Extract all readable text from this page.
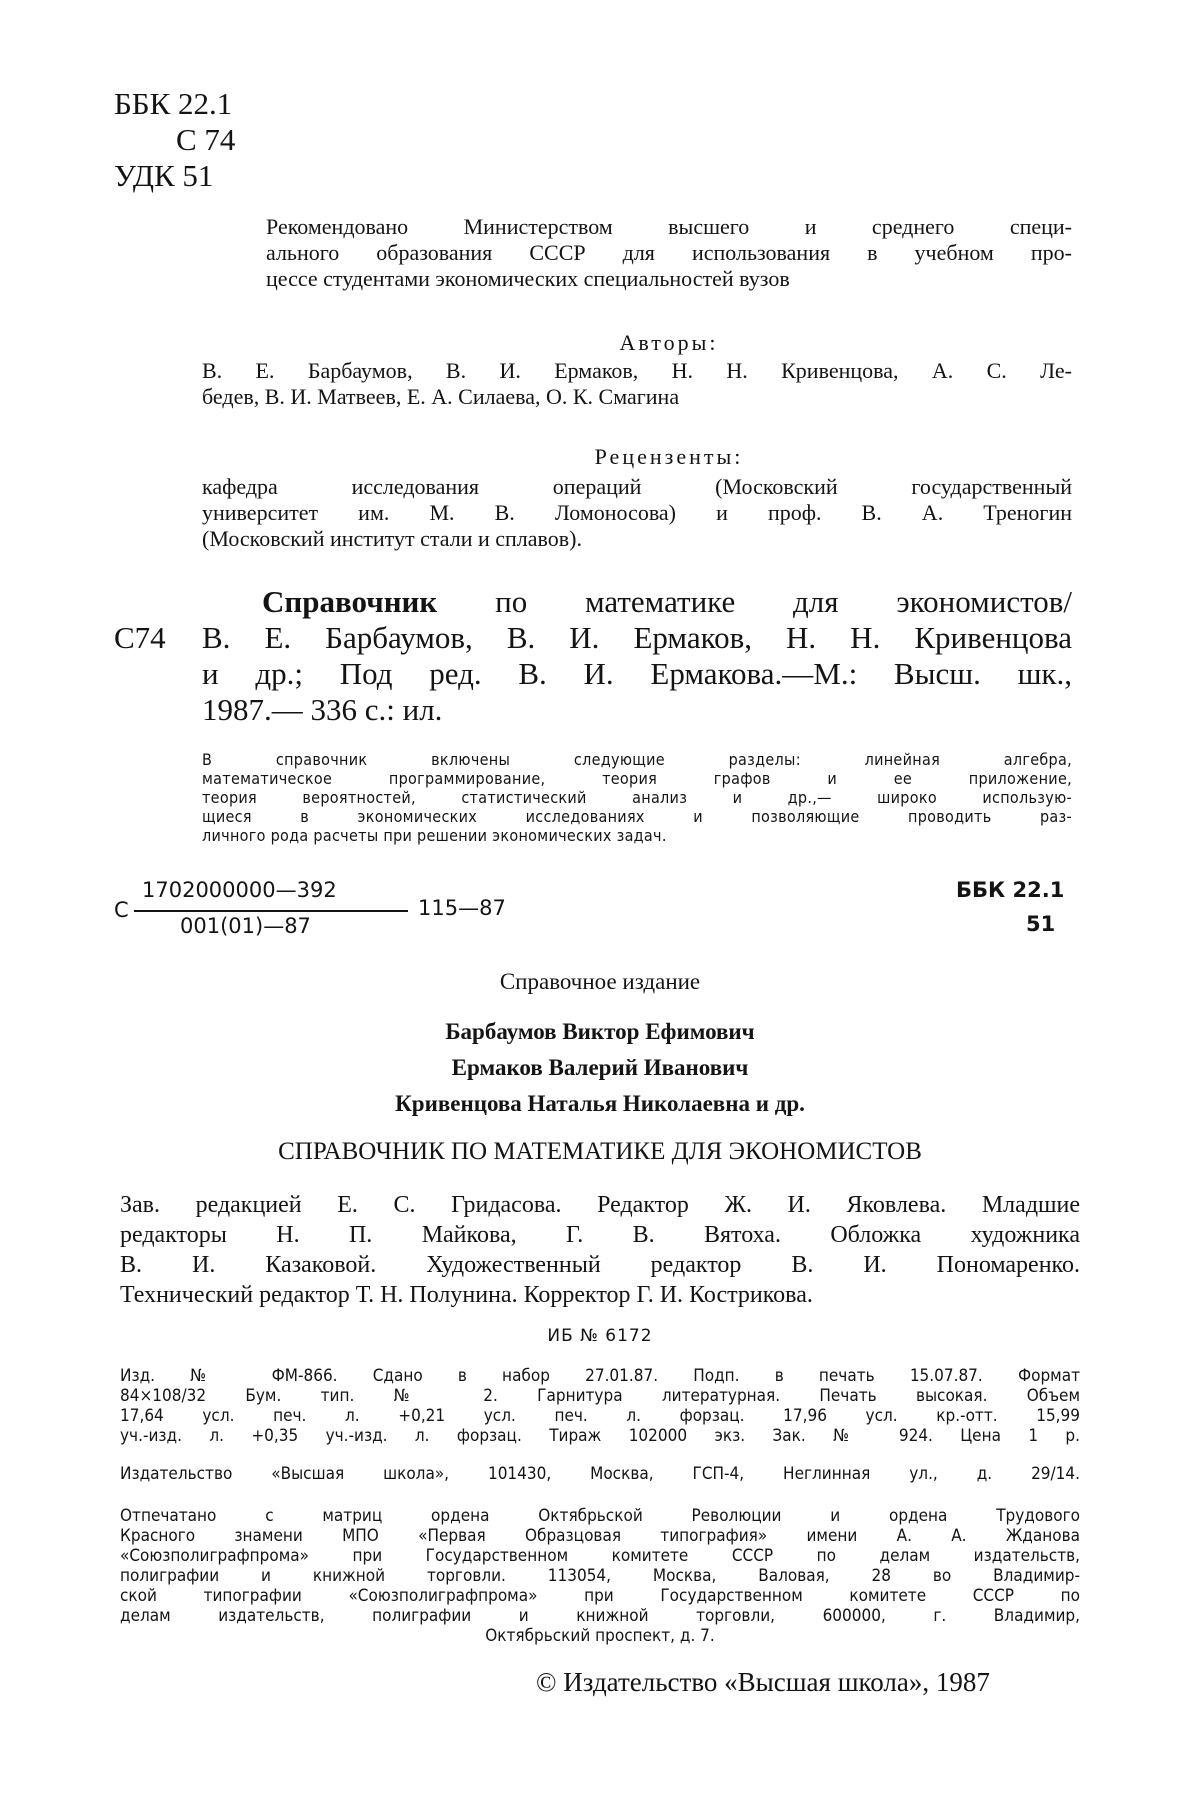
ББК 22.1
С 74
УДК 51
Рекомендовано Министерством высшего и среднего специ-
ального образования СССР для использования в учебном про-
цессе студентами экономических специальностей вузов
Авторы:
В. Е. Барбаумов, В. И. Ермаков, Н. Н. Кривенцова, А. С. Ле-
бедев, В. И. Матвеев, Е. А. Силаева, О. К. Смагина
Рецензенты:
кафедра исследования операций (Московский государственный
университет им. М. В. Ломоносова) и проф. В. А. Треногин
(Московский институт стали и сплавов).
С74
Справочник по математике для экономистов/
В. Е. Барбаумов, В. И. Ермаков, Н. Н. Кривенцова
и др.; Под ред. В. И. Ермакова.—М.: Высш. шк.,
1987.— 336 с.: ил.
В справочник включены следующие разделы: линейная алгебра,
математическое программирование, теория графов и ее приложение,
теория вероятностей, статистический анализ и др.,— широко использую-
щиеся в экономических исследованиях и позволяющие проводить раз-
личного рода расчеты при решении экономических задач.
С
1702000000—392
001(01)—87
115—87
ББК 22.1
51
Справочное издание
Барбаумов Виктор Ефимович
Ермаков Валерий Иванович
Кривенцова Наталья Николаевна и др.
СПРАВОЧНИК ПО МАТЕМАТИКЕ ДЛЯ ЭКОНОМИСТОВ
Зав. редакцией Е. С. Гридасова. Редактор Ж. И. Яковлева. Младшие
редакторы Н. П. Майкова, Г. В. Вятоха. Обложка художника
В. И. Казаковой. Художественный редактор В. И. Пономаренко.
Технический редактор Т. Н. Полунина. Корректор Г. И. Кострикова.
ИБ № 6172
Изд. № ФМ-866. Сдано в набор 27.01.87. Подп. в печать 15.07.87. Формат
84×108/32 Бум. тип. № 2. Гарнитура литературная. Печать высокая. Объем
17,64 усл. печ. л. +0,21 усл. печ. л. форзац. 17,96 усл. кр.-отт. 15,99
уч.-изд. л. +0,35 уч.-изд. л. форзац. Тираж 102000 экз. Зак. № 924. Цена 1 р.
Издательство «Высшая школа», 101430, Москва, ГСП-4, Неглинная ул., д. 29/14.
Отпечатано с матриц ордена Октябрьской Революции и ордена Трудового
Красного знамени МПО «Первая Образцовая типография» имени А. А. Жданова
«Союзполиграфпрома» при Государственном комитете СССР по делам издательств,
полиграфии и книжной торговли. 113054, Москва, Валовая, 28 во Владимир-
ской типографии «Союзполиграфпрома» при Государственном комитете СССР по
делам издательств, полиграфии и книжной торговли, 600000, г. Владимир,
Октябрьский проспект, д. 7.
© Издательство «Высшая школа», 1987
